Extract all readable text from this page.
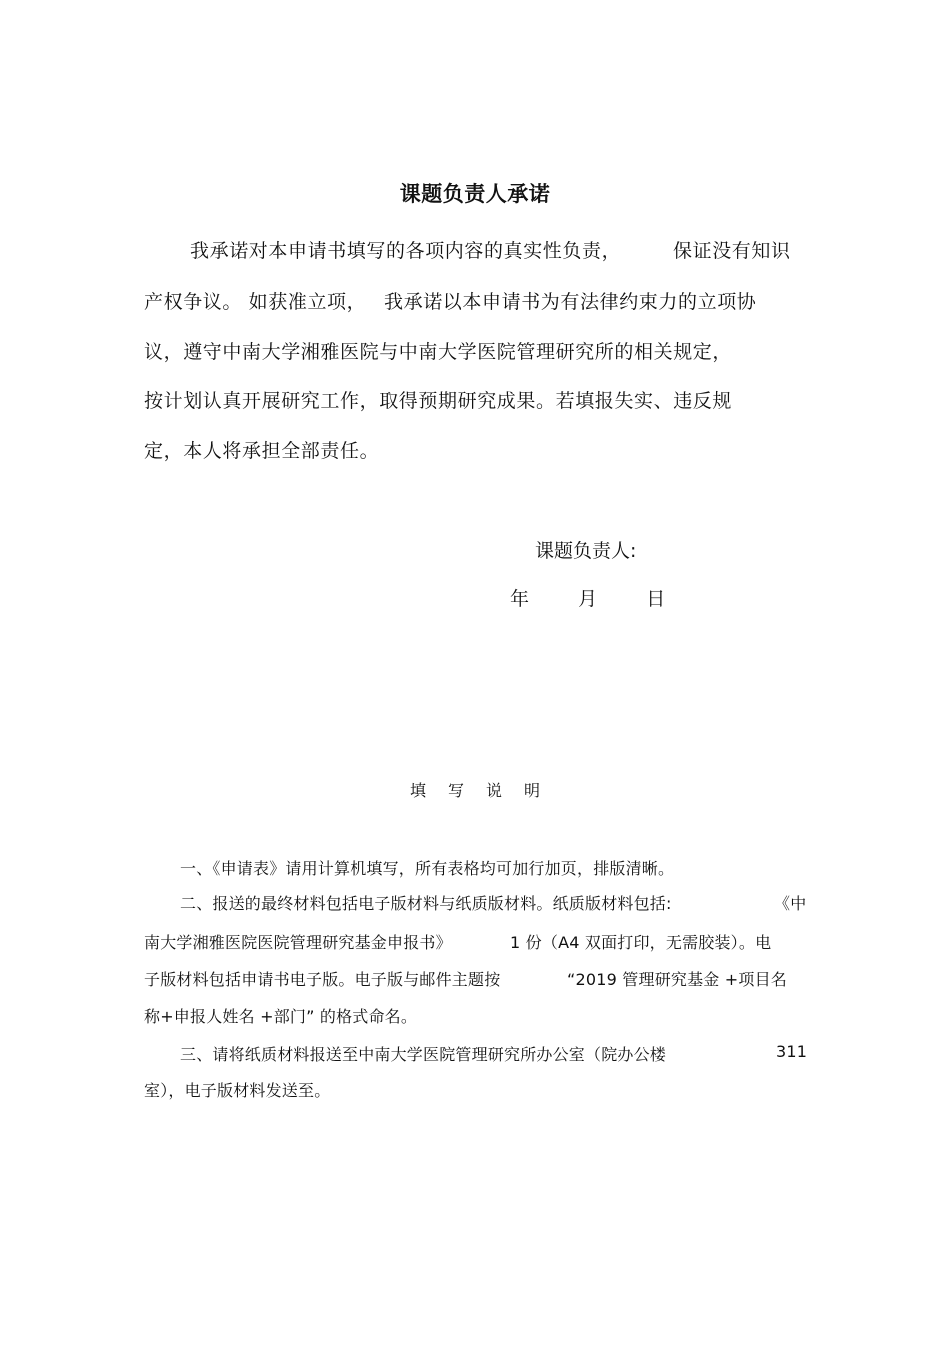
课题负责人承诺

我承诺对本申请书填写的各项内容的真实性负责，	保证没有知识

产权争议。 如获准立项， 我承诺以本申请书为有法律约束力的立项协

议，遵守中南大学湘雅医院与中南大学医院管理研究所的相关规定，

按计划认真开展研究工作，取得预期研究成果。若填报失实、违反规

定，本人将承担全部责任。

课题负责人:

年	月	日
填写说明

一、《申请表》请用计算机填写，所有表格均可加行加页，排版清晰。

二、报送的最终材料包括电子版材料与纸质版材料。纸质版材料包括:	《中

南大学湘雅医院医院管理研究基金申报书》	1 份（A4 双面打印，无需胶装）。电

子版材料包括申请书电子版。电子版与邮件主题按	“2019 管理研究基金 +项目名

称+申报人姓名 +部门” 的格式命名。

三、请将纸质材料报送至中南大学医院管理研究所办公室（院办公楼	311

室），电子版材料发送至。
